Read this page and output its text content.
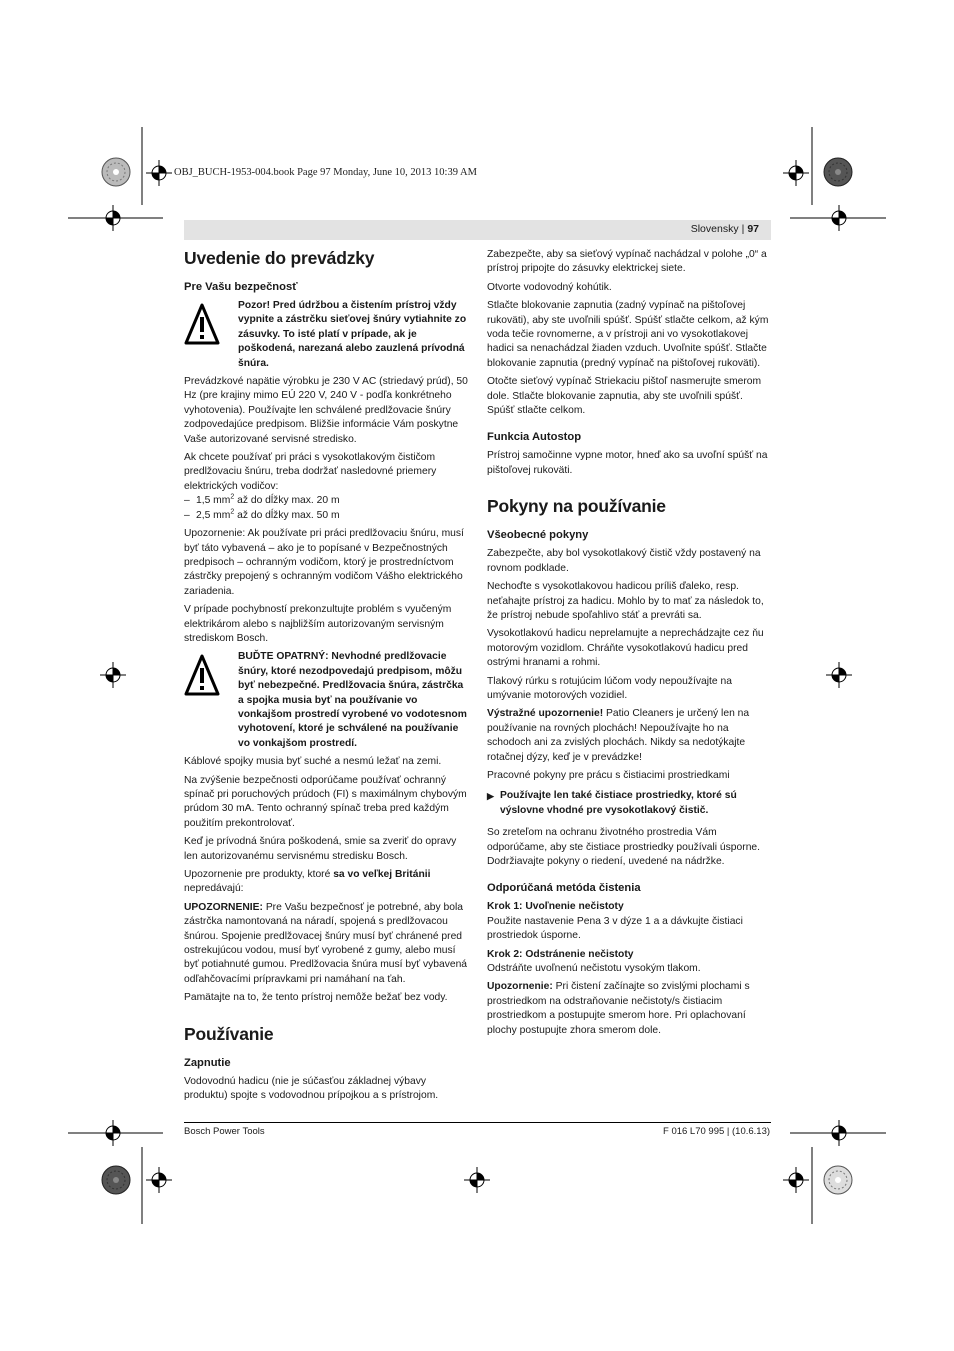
OBJ_BUCH-1953-004.book Page 97 Monday, June 10, 2013 10:39 AM
Slovensky | 97
Uvedenie do prevádzky
Pre Vašu bezpečnosť
Pozor! Pred údržbou a čistením prístroj vždy vypnite a zástrčku sieťovej šnúry vytiahnite zo zásuvky. To isté platí v prípade, ak je poškodená, narezaná alebo zauzlená prívodná šnúra.

Prevádzkové napätie výrobku je 230 V AC (striedavý prúd), 50 Hz (pre krajiny mimo EÚ 220 V, 240 V - podľa konkrétneho vyhotovenia). Používajte len schválené predlžovacie šnúry zodpovedajúce predpisom. Bližšie informácie Vám poskytne Vaše autorizované servisné stredisko.

Ak chcete používať pri práci s vysokotlakovým čističom predlžovaciu šnúru, treba dodržať nasledovné priemery elektrických vodičov:

– 1,5 $mm^2$ až do dĺžky max. 20 m
– 2,5 $mm^2$ až do dĺžky max. 50 m

Upozornenie: Ak používate pri práci predlžovaciu šnúru, musí byť táto vybavená – ako je to popísané v Bezpečnostných predpisoch – ochranným vodičom, ktorý je prostredníctvom zástrčky prepojený s ochranným vodičom Vášho elektrického zariadenia.

V prípade pochybností prekonzultujte problém s vyučeným elektrikárom alebo s najbližším autorizovaným servisným strediskom Bosch.

BUĎTE OPATRNÝ: Nevhodné predlžovacie šnúry, ktoré nezodpovedajú predpisom, môžu byť nebezpečné. Predlžovacia šnúra, zástrčka a spojka musia byť na používanie vo vonkajšom prostredí vyrobené vo vodotesnom vyhotovení, ktoré je schválené na používanie vo vonkajšom prostredí.

Káblové spojky musia byť suché a nesmú ležať na zemi.

Na zvýšenie bezpečnosti odporúčame používať ochranný spínač pri poruchových prúdoch (FI) s maximálnym chybovým prúdom 30 mA. Tento ochranný spínač treba pred každým použitím prekontrolovať.

Keď je prívodná šnúra poškodená, smie sa zveriť do opravy len autorizovanému servisnému stredisku Bosch.

Upozornenie pre produkty, ktoré sa vo veľkej Británii nepredávajú:

UPOZORNENIE: Pre Vašu bezpečnosť je potrebné, aby bola zástrčka namontovaná na náradí, spojená s predlžovacou šnúrou. Spojenie predlžovacej šnúry musí byť chránené pred ostrekujúcou vodou, musí byť vyrobené z gumy, alebo musí byť potiahnuté gumou. Predlžovacia šnúra musí byť vybavená odľahčovacími prípravkami pri namáhaní na ťah.

Pamätajte na to, že tento prístroj nemôže bežať bez vody.

Používanie
Zapnutie

Vodovodnú hadicu (nie je súčasťou základnej výbavy produktu) spojte s vodovodnou prípojkou a s prístrojom.

Zabezpečte, aby sa sieťový vypínač nachádzal v polohe „0“ a prístroj pripojte do zásuvky elektrickej siete.

Otvorte vodovodný kohútik.

Stlačte blokovanie zapnutia (zadný vypínač na pištoľovej rukoväti), aby ste uvoľnili spúšť. Spúšť stlačte celkom, až kým voda tečie rovnomerne, a v prístroji ani vo vysokotlakovej hadici sa nenachádzal žiaden vzduch. Uvoľnite spúšť. Stlačte blokovanie zapnutia (predný vypínač na pištoľovej rukoväti).

Otočte sieťový vypínač Striekaciu pištoľ nasmerujte smerom dole. Stlačte blokovanie zapnutia, aby ste uvoľnili spúšť. Spúšť stlačte celkom.

Funkcia Autostop

Prístroj samočinne vypne motor, hneď ako sa uvoľní spúšť na pištoľovej rukoväti.

Pokyny na používanie
Všeobecné pokyny

Zabezpečte, aby bol vysokotlakový čistič vždy postavený na rovnom podklade.

Nechoďte s vysokotlakovou hadicou príliš ďaleko, resp. neťahajte prístroj za hadicu. Mohlo by to mať za následok to, že prístroj nebude spoľahlivo stáť a prevráti sa.

Vysokotlakovú hadicu neprelamujte a neprechádzajte cez ňu motorovým vozidlom. Chráňte vysokotlakovú hadicu pred ostrými hranami a rohmi.

Tlakový rúrku s rotujúcim lúčom vody nepoužívajte na umývanie motorových vozidiel.

Výstražné upozornenie! Patio Cleaners je určený len na používanie na rovných plochách! Nepoužívajte ho na schodoch ani za zvislých plochách. Nikdy sa nedotýkajte rotačnej dýzy, keď je v prevádzke!

Pracovné pokyny pre prácu s čistiacimi prostriedkami

▶ Používajte len také čistiace prostriedky, ktoré sú výslovne vhodné pre vysokotlakový čistič.

So zreteľom na ochranu životného prostredia Vám odporúčame, aby ste čistiace prostriedky používali úsporne. Dodržiavajte pokyny o riedení, uvedené na nádržke.

Odporúčaná metóda čistenia
Krok 1: Uvoľnenie nečistoty

Použite nastavenie Pena 3 v dýze 1 a a dávkujte čistiaci prostriedok úsporne.

Krok 2: Odstránenie nečistoty

Odstráňte uvoľnenú nečistotu vysokým tlakom.

Upozornenie: Pri čistení začínajte so zvislými plochami s prostriedkom na odstraňovanie nečistoty/s čistiacim prostriedkom a postupujte smerom hore. Pri oplachovaní plochy postupujte zhora smerom dole.

Bosch Power Tools	F 016 L70 995 | (10.6.13)
